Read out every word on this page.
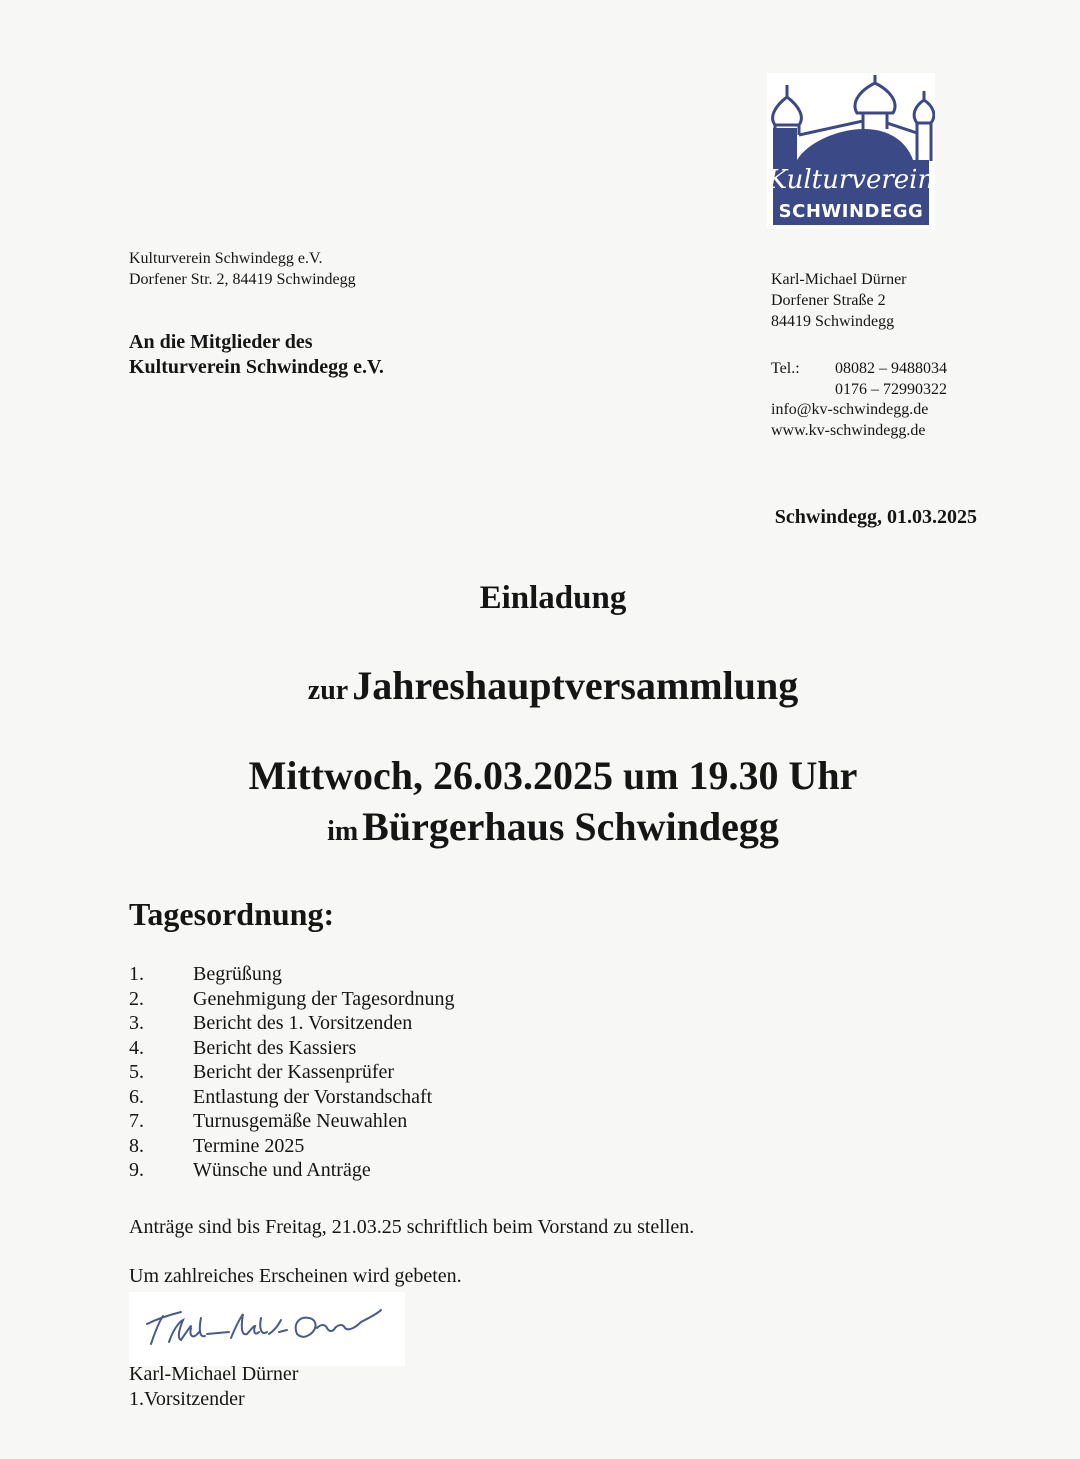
Kulturverein
SCHWINDEGG
Kulturverein Schwindegg e.V.
Dorfener Str. 2, 84419 Schwindegg
An die Mitglieder des
Kulturverein Schwindegg e.V.
Karl-Michael Dürner
Dorfener Straße 2
84419 Schwindegg
Tel.: 08082 – 9488034
0176 – 72990322
info@kv-schwindegg.de
www.kv-schwindegg.de
Schwindegg, 01.03.2025
Einladung
zur Jahreshauptversammlung
Mittwoch, 26.03.2025 um 19.30 Uhr
im Bürgerhaus Schwindegg
Tagesordnung:
1. Begrüßung
2. Genehmigung der Tagesordnung
3. Bericht des 1. Vorsitzenden
4. Bericht des Kassiers
5. Bericht der Kassenprüfer
6. Entlastung der Vorstandschaft
7. Turnusgemäße Neuwahlen
8. Termine 2025
9. Wünsche und Anträge
Anträge sind bis Freitag, 21.03.25 schriftlich beim Vorstand zu stellen.
Um zahlreiches Erscheinen wird gebeten.
Karl-Michael Dürner
1.Vorsitzender
